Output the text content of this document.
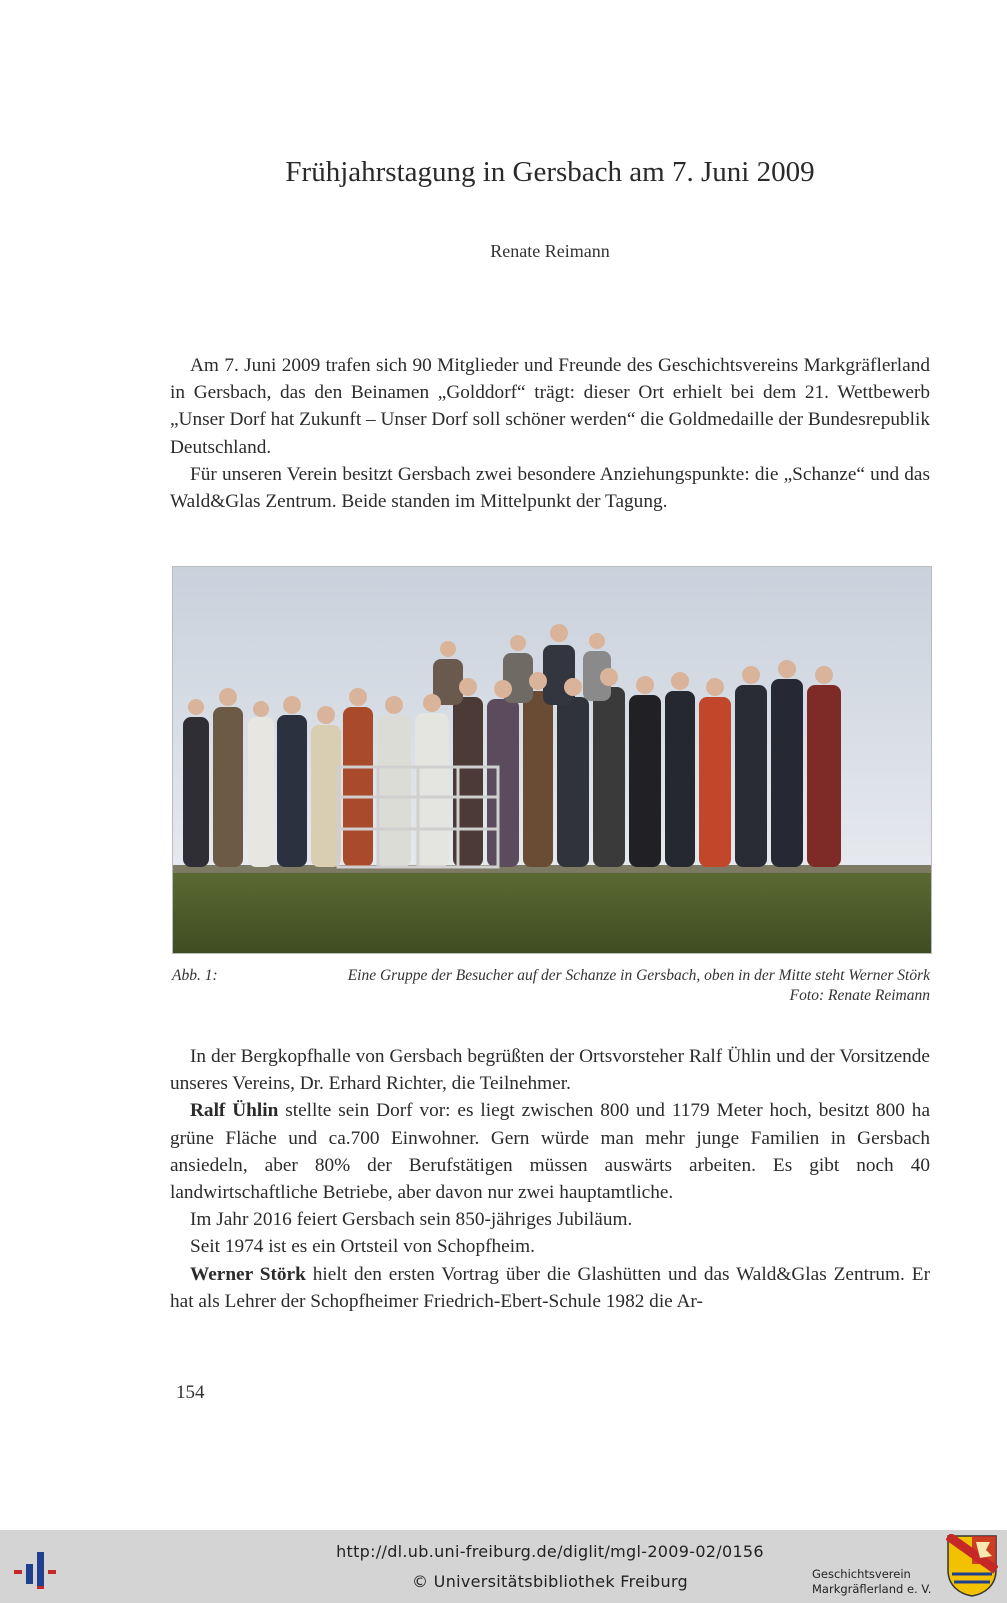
Frühjahrstagung in Gersbach am 7. Juni 2009
Renate Reimann

Am 7. Juni 2009 trafen sich 90 Mitglieder und Freunde des Geschichtsvereins Markgräflerland in Gersbach, das den Beinamen „Golddorf“ trägt: dieser Ort erhielt bei dem 21. Wettbewerb „Unser Dorf hat Zukunft – Unser Dorf soll schöner werden“ die Goldmedaille der Bundesrepublik Deutschland.

Für unseren Verein besitzt Gersbach zwei besondere Anziehungspunkte: die „Schanze“ und das Wald&Glas Zentrum. Beide standen im Mittelpunkt der Tagung.

Abb. 1:	Eine Gruppe der Besucher auf der Schanze in Gersbach, oben in der Mitte steht Werner Störk
Foto: Renate Reimann

In der Bergkopfhalle von Gersbach begrüßten der Ortsvorsteher Ralf Ühlin und der Vorsitzende unseres Vereins, Dr. Erhard Richter, die Teilnehmer.

Ralf Ühlin stellte sein Dorf vor: es liegt zwischen 800 und 1179 Meter hoch, besitzt 800 ha grüne Fläche und ca.700 Einwohner. Gern würde man mehr junge Familien in Gersbach ansiedeln, aber 80% der Berufstätigen müssen auswärts arbeiten. Es gibt noch 40 landwirtschaftliche Betriebe, aber davon nur zwei hauptamtliche.

Im Jahr 2016 feiert Gersbach sein 850-jähriges Jubiläum.

Seit 1974 ist es ein Ortsteil von Schopfheim.

Werner Störk hielt den ersten Vortrag über die Glashütten und das Wald&Glas Zentrum. Er hat als Lehrer der Schopfheimer Friedrich-Ebert-Schule 1982 die Ar-

154
http://dl.ub.uni-freiburg.de/diglit/mgl-2009-02/0156
© Universitätsbibliothek Freiburg	Geschichtsverein
Markgräflerland e. V.
